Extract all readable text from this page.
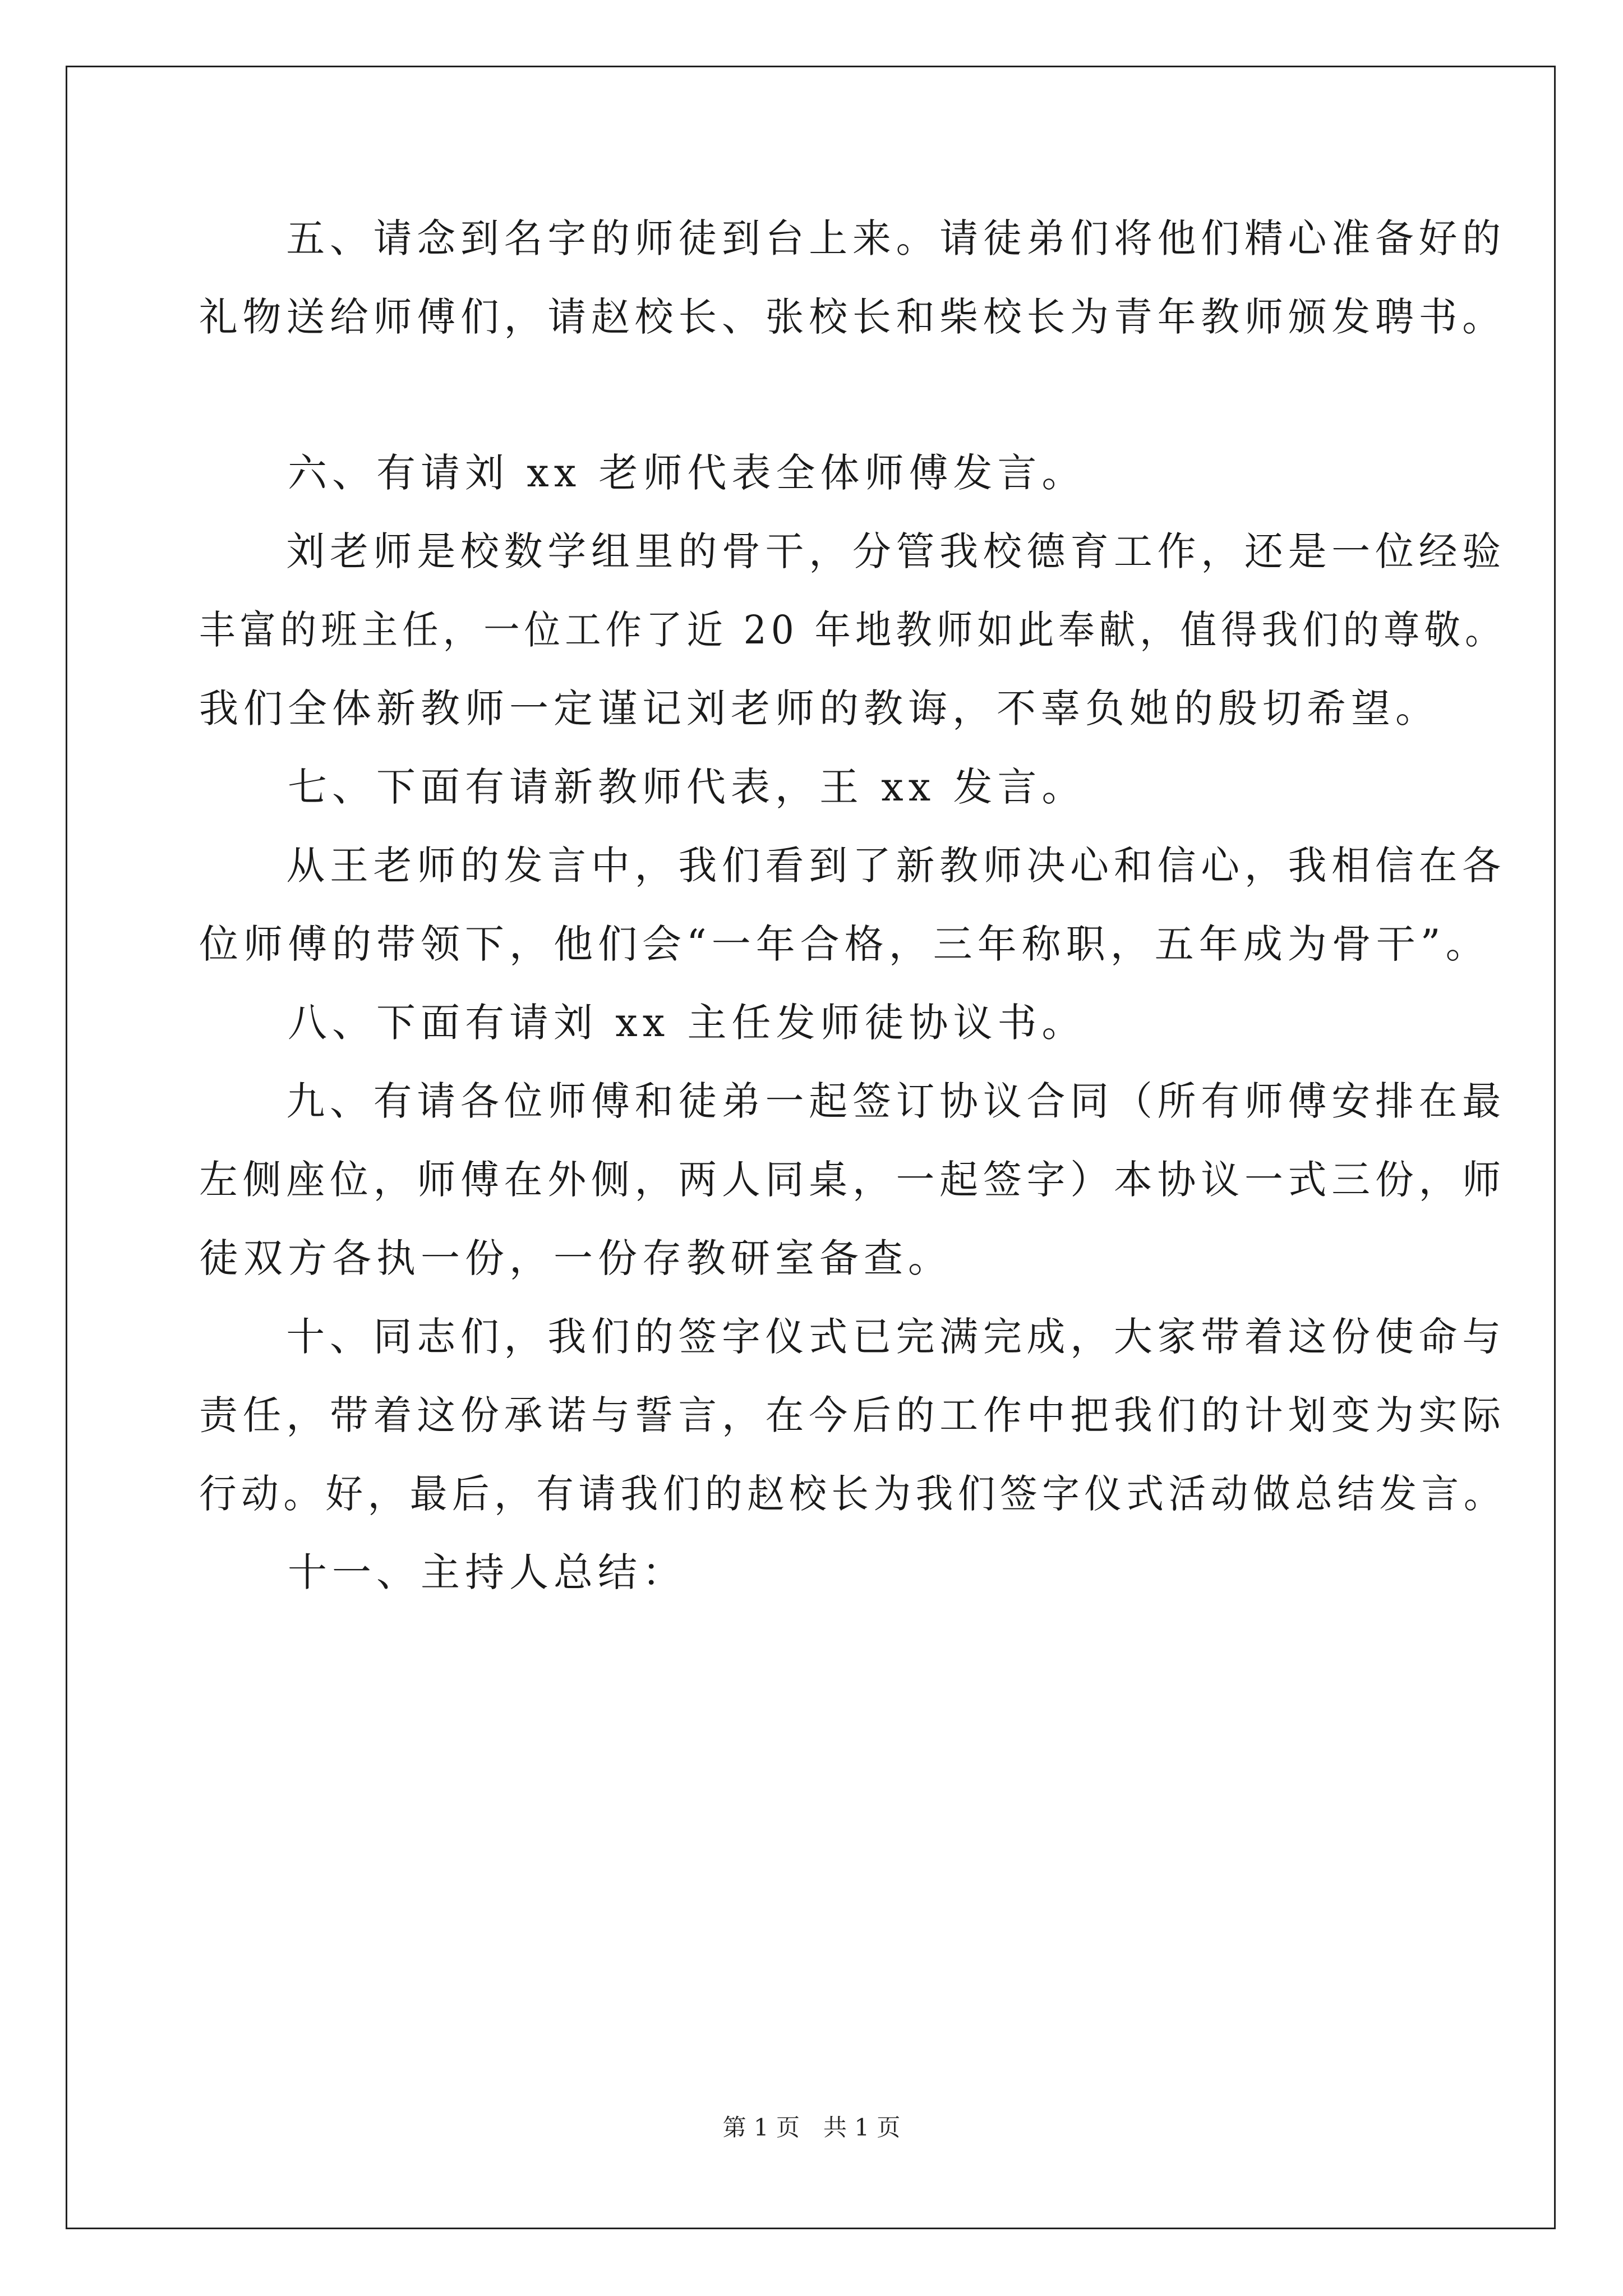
　　五、请念到名字的师徒到台上来。请徒弟们将他们精心准备好的
礼物送给师傅们，请赵校长、张校长和柴校长为青年教师颁发聘书。
　　六、有请刘 xx 老师代表全体师傅发言。
　　刘老师是校数学组里的骨干，分管我校德育工作，还是一位经验
丰富的班主任，一位工作了近 20 年地教师如此奉献，值得我们的尊敬。
我们全体新教师一定谨记刘老师的教诲，不辜负她的殷切希望。
　　七、下面有请新教师代表，王 xx 发言。
　　从王老师的发言中，我们看到了新教师决心和信心，我相信在各
位师傅的带领下，他们会“一年合格，三年称职，五年成为骨干”。
　　八、下面有请刘 xx 主任发师徒协议书。
　　九、有请各位师傅和徒弟一起签订协议合同（所有师傅安排在最
左侧座位，师傅在外侧，两人同桌，一起签字）本协议一式三份，师
徒双方各执一份，一份存教研室备查。
　　十、同志们，我们的签字仪式已完满完成，大家带着这份使命与
责任，带着这份承诺与誓言，在今后的工作中把我们的计划变为实际
行动。好，最后，有请我们的赵校长为我们签字仪式活动做总结发言。
　　十一、主持人总结：
第 1 页　共 1 页
